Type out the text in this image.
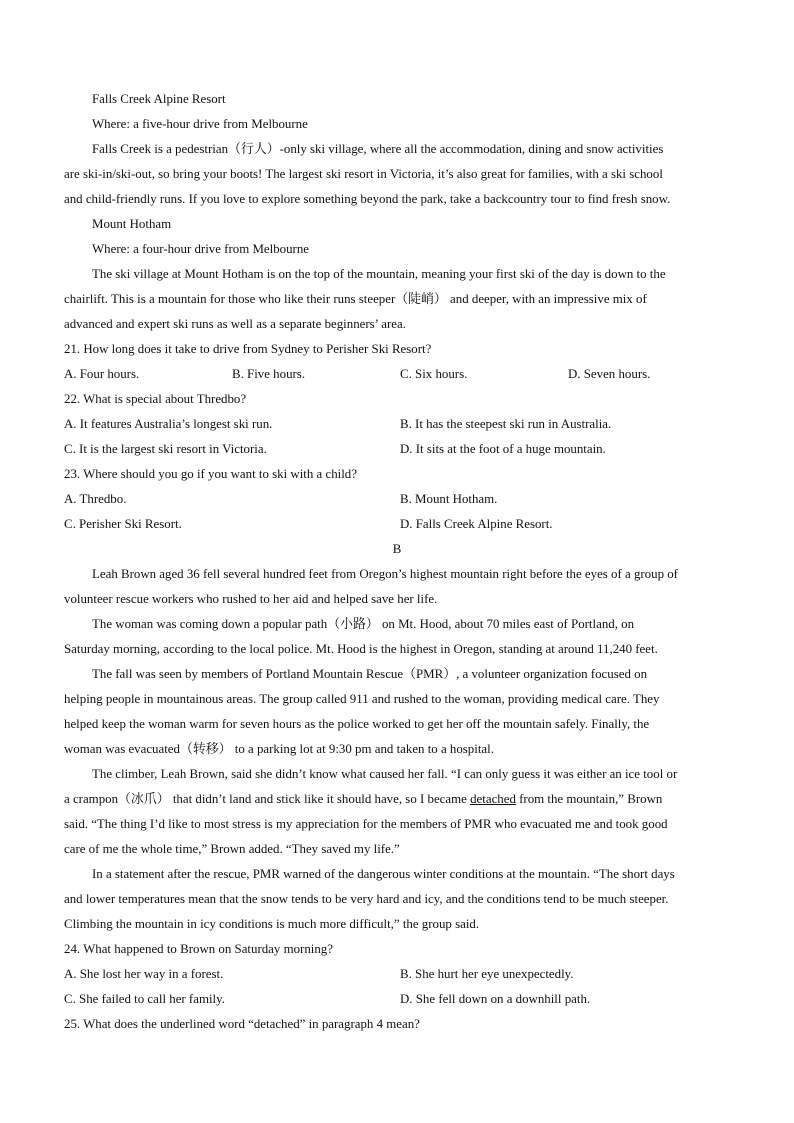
Falls Creek Alpine Resort
Where: a five-hour drive from Melbourne
Falls Creek is a pedestrian（行人）-only ski village, where all the accommodation, dining and snow activities
are ski-in/ski-out, so bring your boots! The largest ski resort in Victoria, it’s also great for families, with a ski school
and child-friendly runs. If you love to explore something beyond the park, take a backcountry tour to find fresh snow.
Mount Hotham
Where: a four-hour drive from Melbourne
The ski village at Mount Hotham is on the top of the mountain, meaning your first ski of the day is down to the
chairlift. This is a mountain for those who like their runs steeper（陡峭） and deeper, with an impressive mix of
advanced and expert ski runs as well as a separate beginners’ area.
21. How long does it take to drive from Sydney to Perisher Ski Resort?
A. Four hours.	B. Five hours.	C. Six hours.	D. Seven hours.
22. What is special about Thredbo?
A. It features Australia’s longest ski run.	B. It has the steepest ski run in Australia.
C. It is the largest ski resort in Victoria.	D. It sits at the foot of a huge mountain.
23. Where should you go if you want to ski with a child?
A. Thredbo.	B. Mount Hotham.
C. Perisher Ski Resort.	D. Falls Creek Alpine Resort.
B
Leah Brown aged 36 fell several hundred feet from Oregon’s highest mountain right before the eyes of a group of
volunteer rescue workers who rushed to her aid and helped save her life.
The woman was coming down a popular path（小路） on Mt. Hood, about 70 miles east of Portland, on
Saturday morning, according to the local police. Mt. Hood is the highest in Oregon, standing at around 11,240 feet.
The fall was seen by members of Portland Mountain Rescue（PMR）, a volunteer organization focused on
helping people in mountainous areas. The group called 911 and rushed to the woman, providing medical care. They
helped keep the woman warm for seven hours as the police worked to get her off the mountain safely. Finally, the
woman was evacuated（转移） to a parking lot at 9:30 pm and taken to a hospital.
The climber, Leah Brown, said she didn’t know what caused her fall. “I can only guess it was either an ice tool or
a crampon（冰爪） that didn’t land and stick like it should have, so I became detached from the mountain,” Brown
said. “The thing I’d like to most stress is my appreciation for the members of PMR who evacuated me and took good
care of me the whole time,” Brown added. “They saved my life.”
In a statement after the rescue, PMR warned of the dangerous winter conditions at the mountain. “The short days
and lower temperatures mean that the snow tends to be very hard and icy, and the conditions tend to be much steeper.
Climbing the mountain in icy conditions is much more difficult,” the group said.
24. What happened to Brown on Saturday morning?
A. She lost her way in a forest.	B. She hurt her eye unexpectedly.
C. She failed to call her family.	D. She fell down on a downhill path.
25. What does the underlined word “detached” in paragraph 4 mean?
